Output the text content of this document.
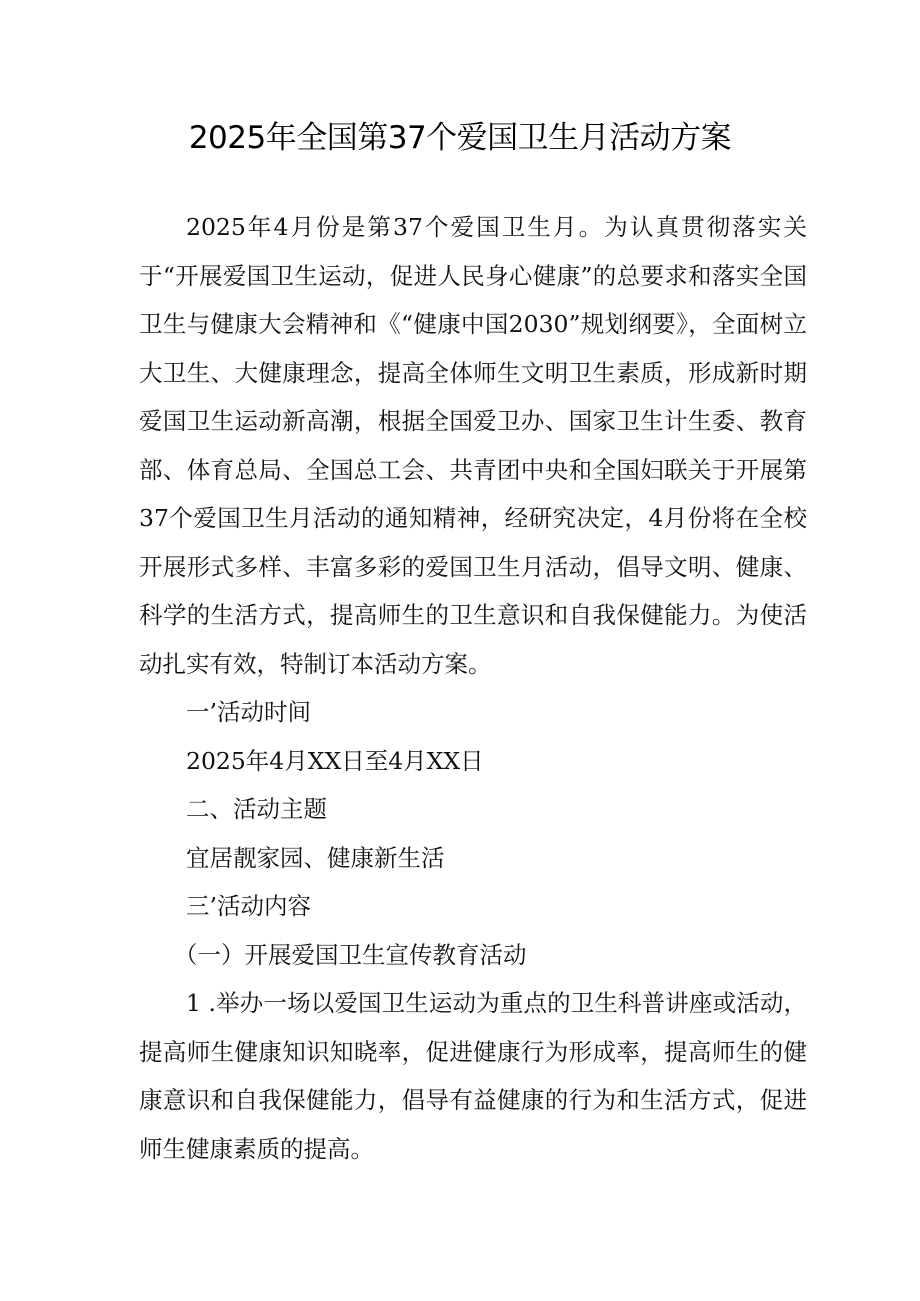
2025年全国第37个爱国卫生月活动方案

2025年4月份是第37个爱国卫生月。为认真贯彻落实关于“开展爱国卫生运动，促进人民身心健康”的总要求和落实全国卫生与健康大会精神和《“健康中国2030”规划纲要》，全面树立大卫生、大健康理念，提高全体师生文明卫生素质，形成新时期爱国卫生运动新高潮，根据全国爱卫办、国家卫生计生委、教育部、体育总局、全国总工会、共青团中央和全国妇联关于开展第37个爱国卫生月活动的通知精神，经研究决定，4月份将在全校开展形式多样、丰富多彩的爱国卫生月活动，倡导文明、健康、科学的生活方式，提高师生的卫生意识和自我保健能力。为使活动扎实有效，特制订本活动方案。

一’活动时间

2025年4月XX日至4月XX日

二、活动主题

宜居靓家园、健康新生活

三’活动内容

（一）开展爱国卫生宣传教育活动

1 .举办一场以爱国卫生运动为重点的卫生科普讲座或活动，提高师生健康知识知晓率，促进健康行为形成率，提高师生的健康意识和自我保健能力，倡导有益健康的行为和生活方式，促进师生健康素质的提高。
